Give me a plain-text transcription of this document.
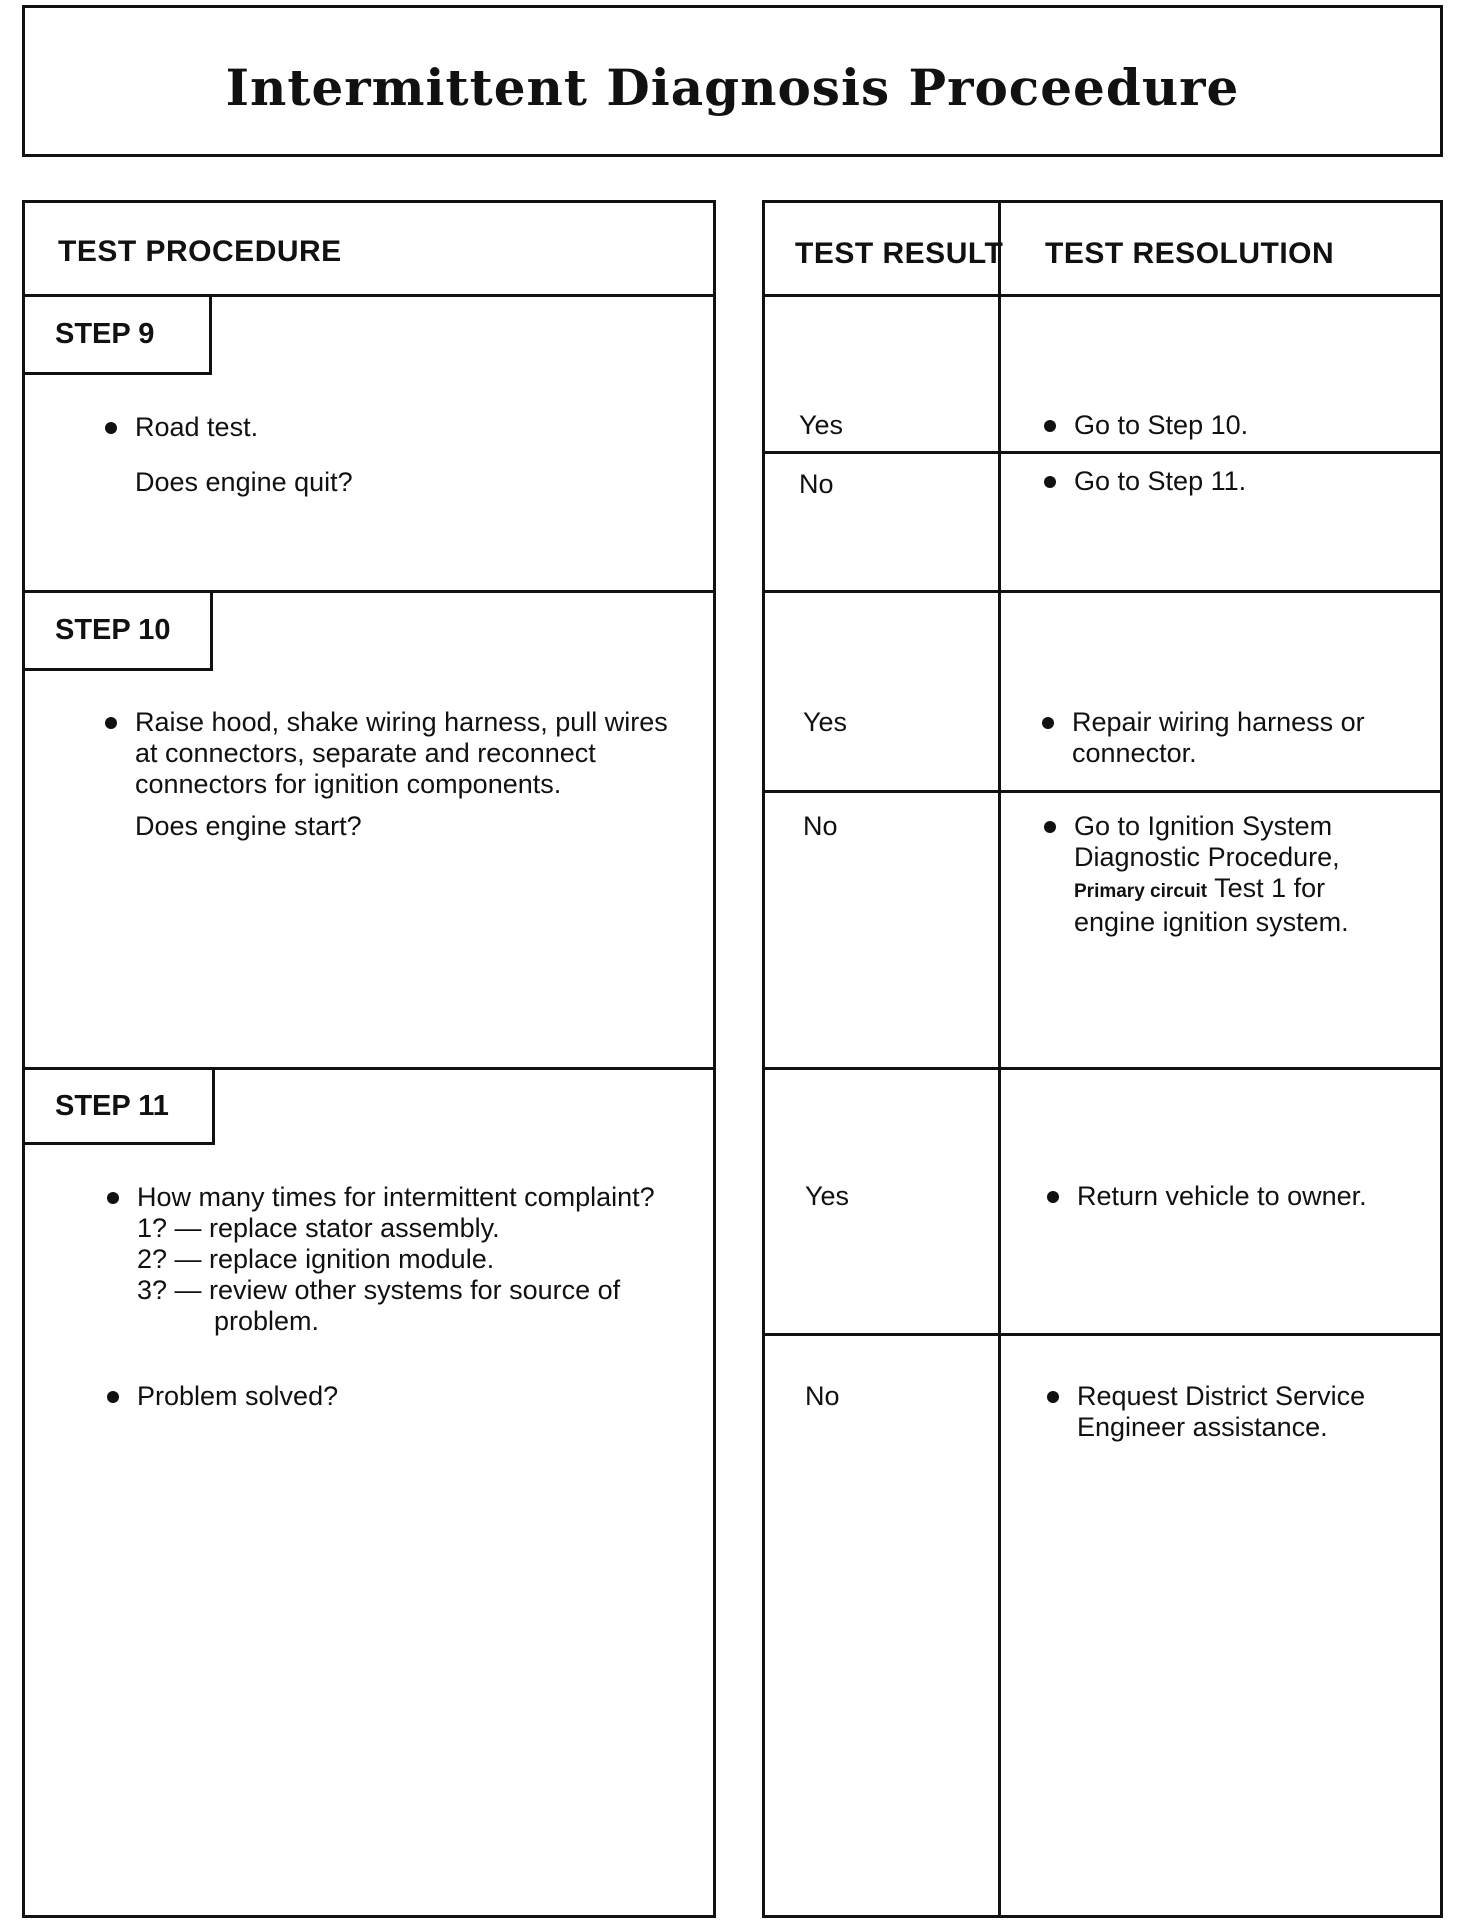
Intermittent Diagnosis Proceedure
TEST PROCEDURE
STEP 9
Road test.
Does engine quit?
STEP 10
Raise hood, shake wiring harness, pull wires
at connectors, separate and reconnect
connectors for ignition components.
Does engine start?
STEP 11
How many times for intermittent complaint?
1? — replace stator assembly.
2? — replace ignition module.
3? — review other systems for source of
problem.
Problem solved?
TEST RESULT TEST RESOLUTION
Yes	Go to Step 10.
No	Go to Step 11.
Yes	Repair wiring harness or
connector.
No	Go to Ignition System
Diagnostic Procedure,
Primary circuit Test 1 for
engine ignition system.
Yes	Return vehicle to owner.
No	Request District Service
Engineer assistance.
